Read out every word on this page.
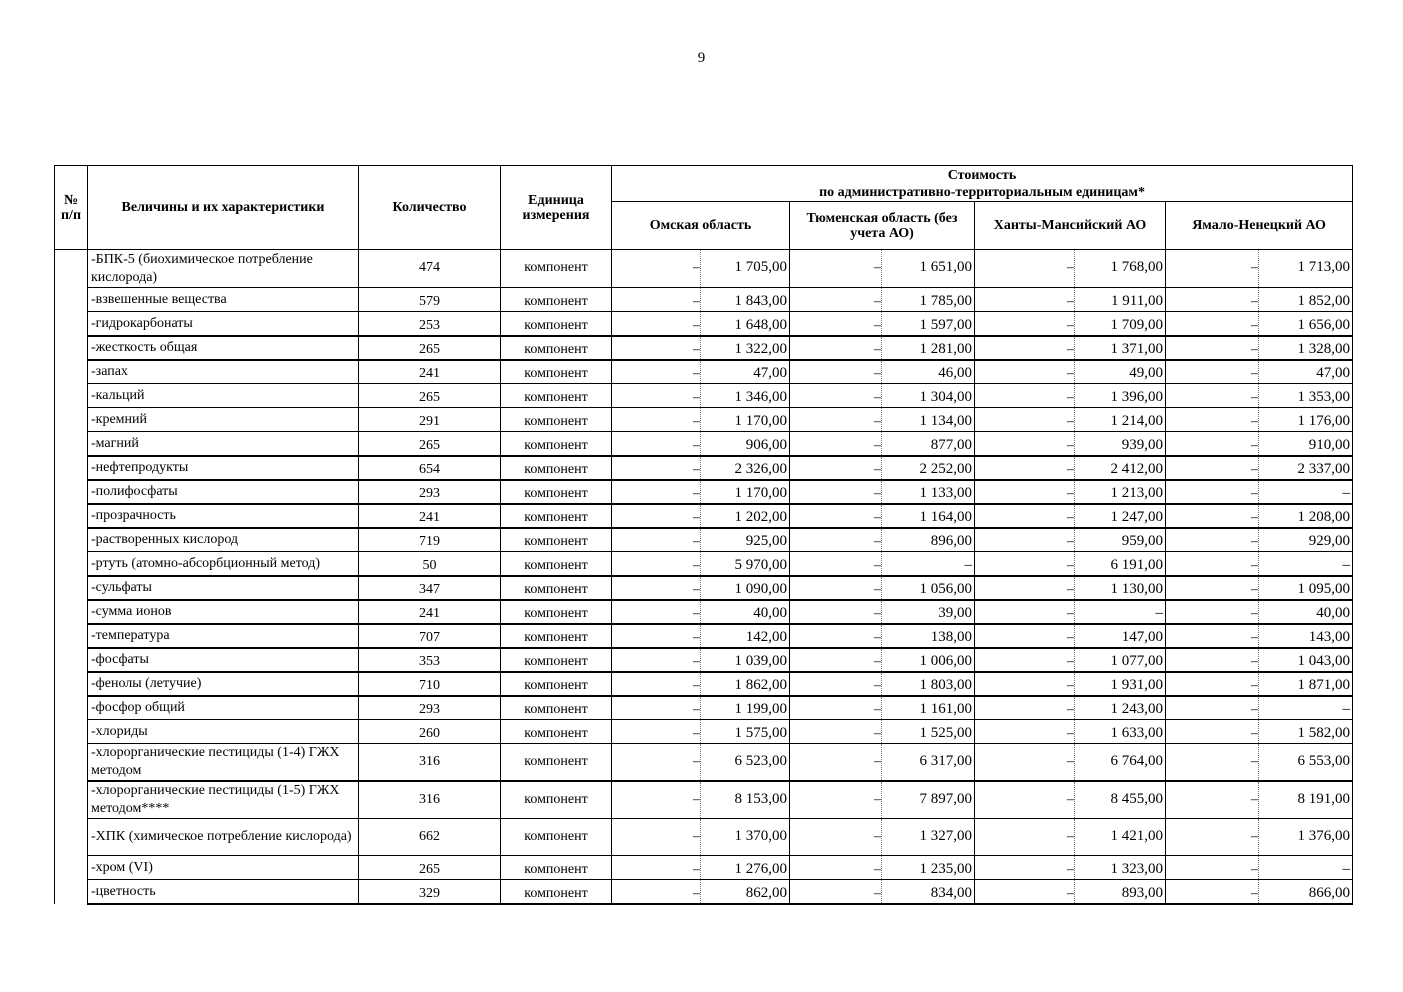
9
№ п/п	Величины и их характеристики	Количество	Единица измерения	Стоимость
по административно-территориальным единицам*							

				Омская область		Тюменская область (без учета АО)		Ханты-Мансийский АО		Ямало-Ненецкий АО	
	-БПК-5 (биохимическое потребление кислорода)	474	компонент	–	1 705,00	–	1 651,00	–	1 768,00	–	1 713,00
	-взвешенные вещества	579	компонент	–	1 843,00	–	1 785,00	–	1 911,00	–	1 852,00
	-гидрокарбонаты	253	компонент	–	1 648,00	–	1 597,00	–	1 709,00	–	1 656,00
	-жесткость общая	265	компонент	–	1 322,00	–	1 281,00	–	1 371,00	–	1 328,00
	-запах	241	компонент	–	47,00	–	46,00	–	49,00	–	47,00
	-кальций	265	компонент	–	1 346,00	–	1 304,00	–	1 396,00	–	1 353,00
	-кремний	291	компонент	–	1 170,00	–	1 134,00	–	1 214,00	–	1 176,00
	-магний	265	компонент	–	906,00	–	877,00	–	939,00	–	910,00
	-нефтепродукты	654	компонент	–	2 326,00	–	2 252,00	–	2 412,00	–	2 337,00
	-полифосфаты	293	компонент	–	1 170,00	–	1 133,00	–	1 213,00	–	–
	-прозрачность	241	компонент	–	1 202,00	–	1 164,00	–	1 247,00	–	1 208,00
	-растворенных кислород	719	компонент	–	925,00	–	896,00	–	959,00	–	929,00
	-ртуть (атомно-абсорбционный метод)	50	компонент	–	5 970,00	–	–	–	6 191,00	–	–
	-сульфаты	347	компонент	–	1 090,00	–	1 056,00	–	1 130,00	–	1 095,00
	-сумма ионов	241	компонент	–	40,00	–	39,00	–	–	–	40,00
	-температура	707	компонент	–	142,00	–	138,00	–	147,00	–	143,00
	-фосфаты	353	компонент	–	1 039,00	–	1 006,00	–	1 077,00	–	1 043,00
	-фенолы (летучие)	710	компонент	–	1 862,00	–	1 803,00	–	1 931,00	–	1 871,00
	-фосфор общий	293	компонент	–	1 199,00	–	1 161,00	–	1 243,00	–	–
	-хлориды	260	компонент	–	1 575,00	–	1 525,00	–	1 633,00	–	1 582,00
	-хлорорганические пестициды (1-4) ГЖХ методом	316	компонент	–	6 523,00	–	6 317,00	–	6 764,00	–	6 553,00
	-хлорорганические пестициды (1-5) ГЖХ методом****	316	компонент	–	8 153,00	–	7 897,00	–	8 455,00	–	8 191,00
	-ХПК (химическое потребление кислорода)	662	компонент	–	1 370,00	–	1 327,00	–	1 421,00	–	1 376,00
	-хром (VI)	265	компонент	–	1 276,00	–	1 235,00	–	1 323,00	–	–
	-цветность	329	компонент	–	862,00	–	834,00	–	893,00	–	866,00
